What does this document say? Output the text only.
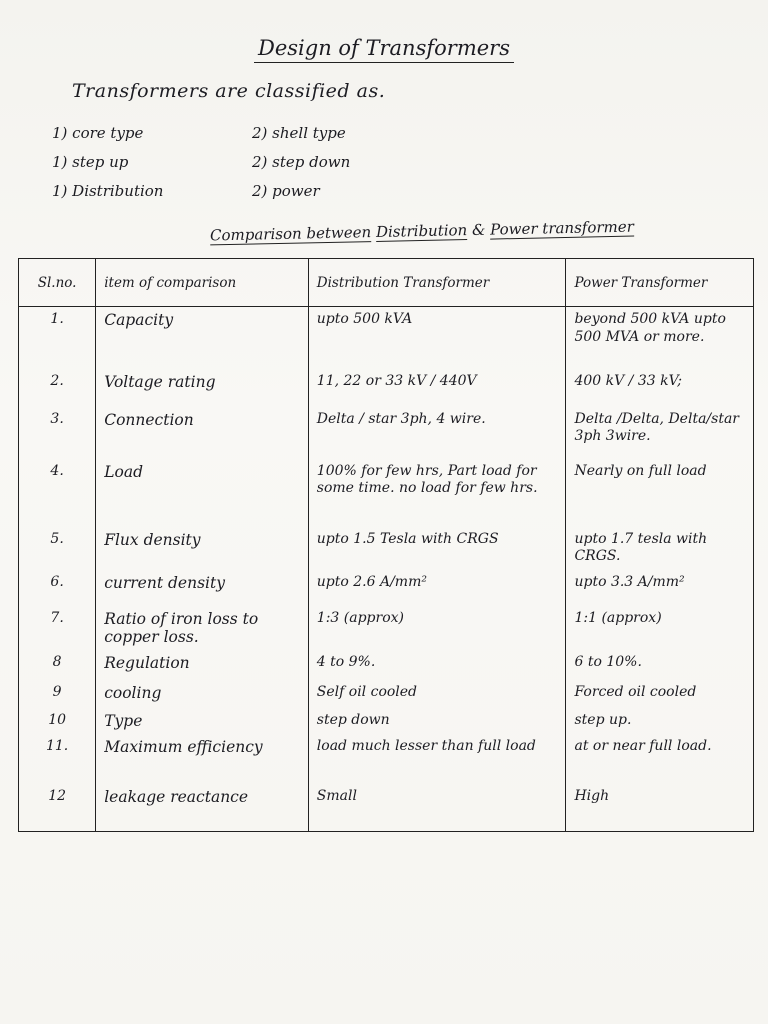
Design of Transformers
Transformers are classified as.
1) core type	2) shell type
1) step up	2) step down
1) Distribution	2) power
Comparison between Distribution & Power transformer
Sl.no.	item of comparison	Distribution Transformer	Power Transformer
1.	Capacity	upto 500 kVA	beyond 500 kVA upto 500 MVA or more.
2.	Voltage rating	11, 22 or 33 kV / 440V	400 kV / 33 kV;
3.	Connection	Delta / star 3ph, 4 wire.	Delta /Delta, Delta/star 3ph 3wire.
4.	Load	100% for few hrs, Part load for some time. no load for few hrs.	Nearly on full load
5.	Flux density	upto 1.5 Tesla with CRGS	upto 1.7 tesla with CRGS.
6.	current density	upto 2.6 A/mm²	upto 3.3 A/mm²
7.	Ratio of iron loss to copper loss.	1:3 (approx)	1:1 (approx)
8	Regulation	4 to 9%.	6 to 10%.
9	cooling	Self oil cooled	Forced oil cooled
10	Type	step down	step up.
11.	Maximum efficiency	load much lesser than full load	at or near full load.
12	leakage reactance	Small	High
